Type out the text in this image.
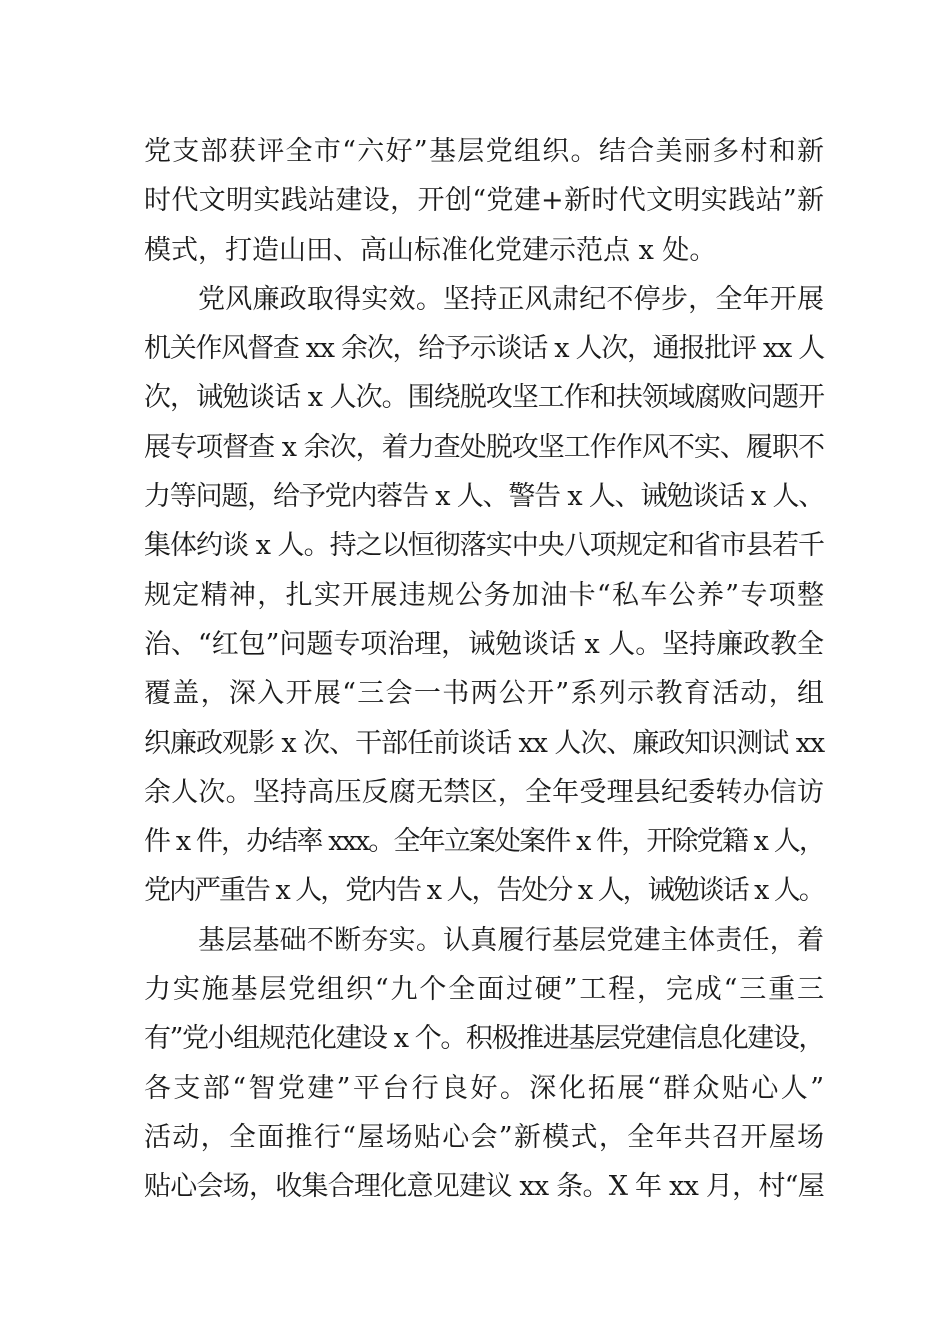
党支部获评全市“六好”基层党组织。结合美丽多村和新
时代文明实践站建设，开创“党建+新时代文明实践站”新
模式，打造山田、高山标准化党建示范点 x 处。
党风廉政取得实效。坚持正风肃纪不停步，全年开展
机关作风督查 xx 余次，给予示谈话 x 人次，通报批评 xx 人
次，诫勉谈话 x 人次。围绕脱攻坚工作和扶领域腐败问题开
展专项督查 x 余次，着力查处脱攻坚工作作风不实、履职不
力等问题，给予党内蓉告 x 人、警告 x 人、诫勉谈话 x 人、
集体约谈 x 人。持之以恒彻落实中央八项规定和省市县若千
规定精神，扎实开展违规公务加油卡“私车公养”专项整
治、“红包”问题专项治理，诫勉谈话 x 人。坚持廉政教全
覆盖，深入开展“三会一书两公开”系列示教育活动，组
织廉政观影 x 次、干部任前谈话 xx 人次、廉政知识测试 xx
余人次。坚持高压反腐无禁区，全年受理县纪委转办信访
件 x 件，办结率 xxx。全年立案处案件 x 件，开除党籍 x 人，
党内严重告 x 人，党内告 x 人，告处分 x 人，诫勉谈话 x 人。
基层基础不断夯实。认真履行基层党建主体责任，着
力实施基层党组织“九个全面过硬”工程，完成“三重三
有”党小组规范化建设 x 个。积极推进基层党建信息化建设，
各支部“智党建”平台行良好。深化拓展“群众贴心人”
活动，全面推行“屋场贴心会”新模式，全年共召开屋场
贴心会场，收集合理化意见建议 xx 条。X 年 xx 月，村“屋
